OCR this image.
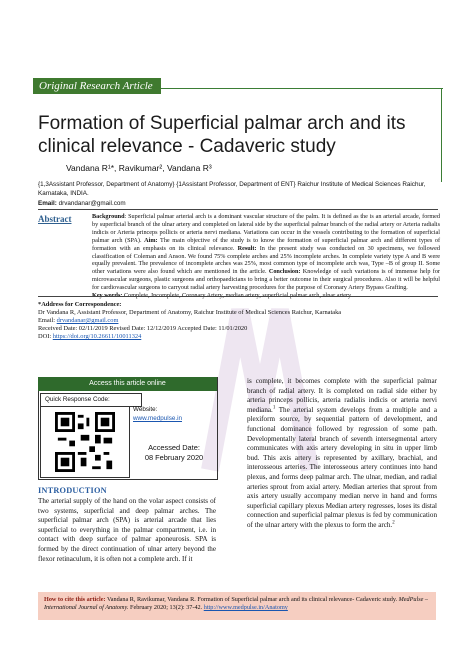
Original Research Article
Formation of Superficial palmar arch and its clinical relevance - Cadaveric study
Vandana R¹*, Ravikumar², Vandana R³
{1,3Assistant Professor, Department of Anatomy} {1Assistant Professor, Department of ENT} Raichur Institute of Medical Sciences Raichur, Karnataka, INDIA.
Email: drvandanar@gmail.com
Abstract	Background: Superficial palmar arterial arch is a dominant vascular structure of the palm. It is defined as the is an arterial arcade, formed by superficial branch of the ulnar artery and completed on lateral side by the superficial palmar branch of the radial artery or Arteria radialis indicis or Arteria princeps pollicis or arteria nervi mediana. Variations can occur in the vessels contributing to the formation of superficial palmar arch (SPA). Aim: The main objective of the study is to know the formation of superficial palmar arch and different types of formation with an emphasis on its clinical relevance. Result: In the present study was conducted on 30 specimens, we followed classification of Coleman and Anson. We found 75% complete arches and 25% incomplete arches. In complete variety type A and B were equally prevalent. The prevalence of incomplete arches was 25%, most common type of incomplete arch was, Type –B of group II. Some other variations were also found which are mentioned in the article. Conclusion: Knowledge of such variations is of immense help for microvascular surgeons, plastic surgeons and orthopaedicians to bring a better outcome in their surgical procedures. Also it will be helpful for cardiovascular surgeons to carryout radial artery harvesting procedures for the purpose of Coronary Artery Bypass Grafting.
Key words: Complete, Incomplete, Coronary Artery, median artery, superficial palmar arch, ulnar artery.
*Address for Correspondence:
Dr Vandana R, Assistant Professor, Department of Anatomy, Raichur Institute of Medical Sciences Raichur, Karnataka
Email: drvandanar@gmail.com
Received Date: 02/11/2019 Revised Date: 12/12/2019 Accepted Date: 11/01/2020
DOI: https://doi.org/10.26611/10011324
Access this article online
Quick Response Code:
Website:
www.medpulse.in
Accessed Date:
08 February 2020
INTRODUCTION
The arterial supply of the hand on the volar aspect consists of two systems, superficial and deep palmar arches. The superficial palmar arch (SPA) is arterial arcade that lies superficial to everything in the palmar compartment, i.e. in contact with deep surface of palmar aponeurosis. SPA is formed by the direct continuation of ulnar artery beyond the flexor retinaculum, it is often not a complete arch. If it
is complete, it becomes complete with the superficial palmar branch of radial artery. It is completed on radial side either by arteria princeps pollicis, arteria radialis indicis or arteria nervi mediana.$^1$ The arterial system develops from a multiple and a plexiform source, by sequential pattern of development, and functional dominance followed by regression of some path. Developmentally lateral branch of seventh intersegmental artery communicates with axis artery developing in situ in upper limb bud. This axis artery is represented by axillary, brachial, and interosseous arteries. The interosseous artery continues into hand plexus, and forms deep palmar arch. The ulnar, median, and radial arteries sprout from axial artery. Median arteries that sprout from axis artery usually accompany median nerve in hand and forms superficial capillary plexus Median artery regresses, loses its distal connection and superficial palmar plexus is fed by communication of the ulnar artery with the plexus to form the arch.$^2$
How to cite this article: Vandana R, Ravikumar, Vandana R. Formation of Superficial palmar arch and its clinical relevance- Cadaveric study. MedPulse – International Journal of Anatomy. February 2020; 13(2): 37-42. http://www.medpulse.in/Anatomy
